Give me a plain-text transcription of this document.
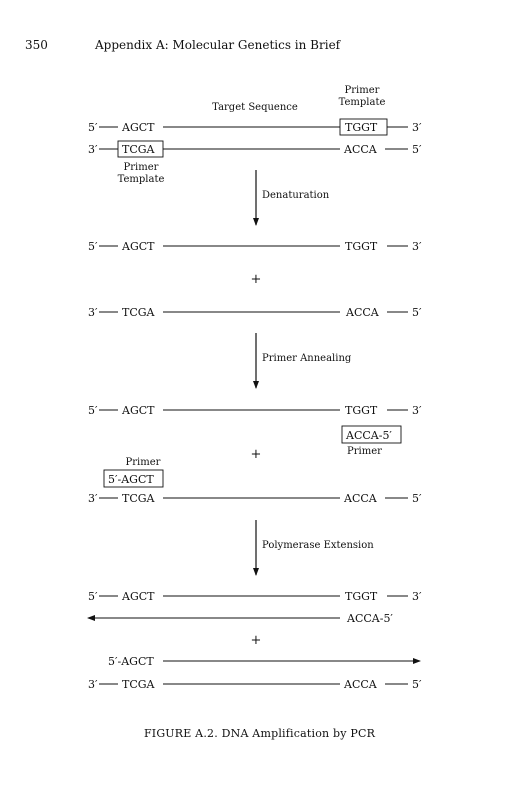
350	Appendix A: Molecular Genetics in Brief
Primer
Template
Target Sequence
5′ AGCT	TGGT	3′
3′ TCGA	ACCA	5′
Primer
Template
Denaturation
5′ AGCT	TGGT	3′
+
3′ TCGA	ACCA	5′
Primer Annealing
5′ AGCT	TGGT	3′
ACCA-5′
Primer
+
Primer
5′-AGCT
3′ TCGA	ACCA	5′
Polymerase Extension
5′ AGCT	TGGT	3′
ACCA-5′
+
5′-AGCT
3′ TCGA	ACCA	5′
FIGURE A.2. DNA Amplification by PCR
